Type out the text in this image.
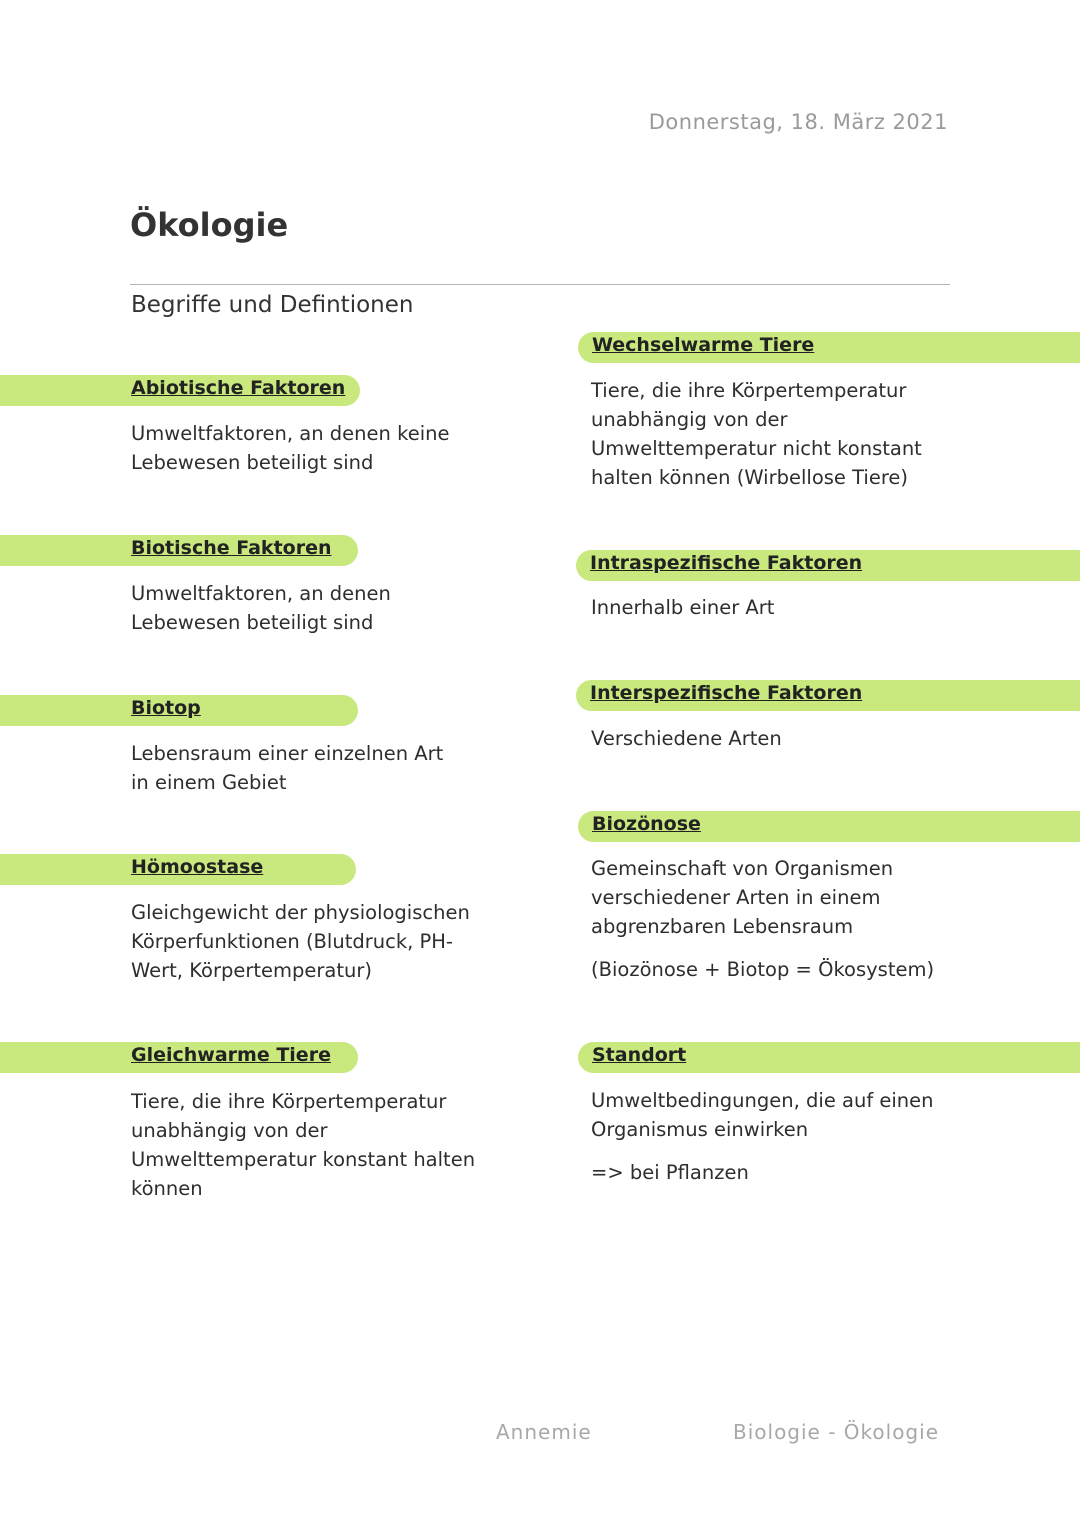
Donnerstag, 18. März 2021
Ökologie
Begriffe und Defintionen
Abiotische Faktoren

Umweltfaktoren, an denen keine
Lebewesen beteiligt sind

Biotische Faktoren

Umweltfaktoren, an denen
Lebewesen beteiligt sind

Biotop

Lebensraum einer einzelnen Art
in einem Gebiet

Hömoostase

Gleichgewicht der physiologischen
Körperfunktionen (Blutdruck, PH-
Wert, Körpertemperatur)

Gleichwarme Tiere

Tiere, die ihre Körpertemperatur
unabhängig von der
Umwelttemperatur konstant halten
können

Wechselwarme Tiere

Tiere, die ihre Körpertemperatur
unabhängig von der
Umwelttemperatur nicht konstant
halten können (Wirbellose Tiere)

Intraspezifische Faktoren

Innerhalb einer Art

Interspezifische Faktoren

Verschiedene Arten

Biozönose

Gemeinschaft von Organismen
verschiedener Arten in einem
abgrenzbaren Lebensraum

(Biozönose + Biotop = Ökosystem)

Standort

Umweltbedingungen, die auf einen
Organismus einwirken

=> bei Pflanzen

Annemie	Biologie - Ökologie
